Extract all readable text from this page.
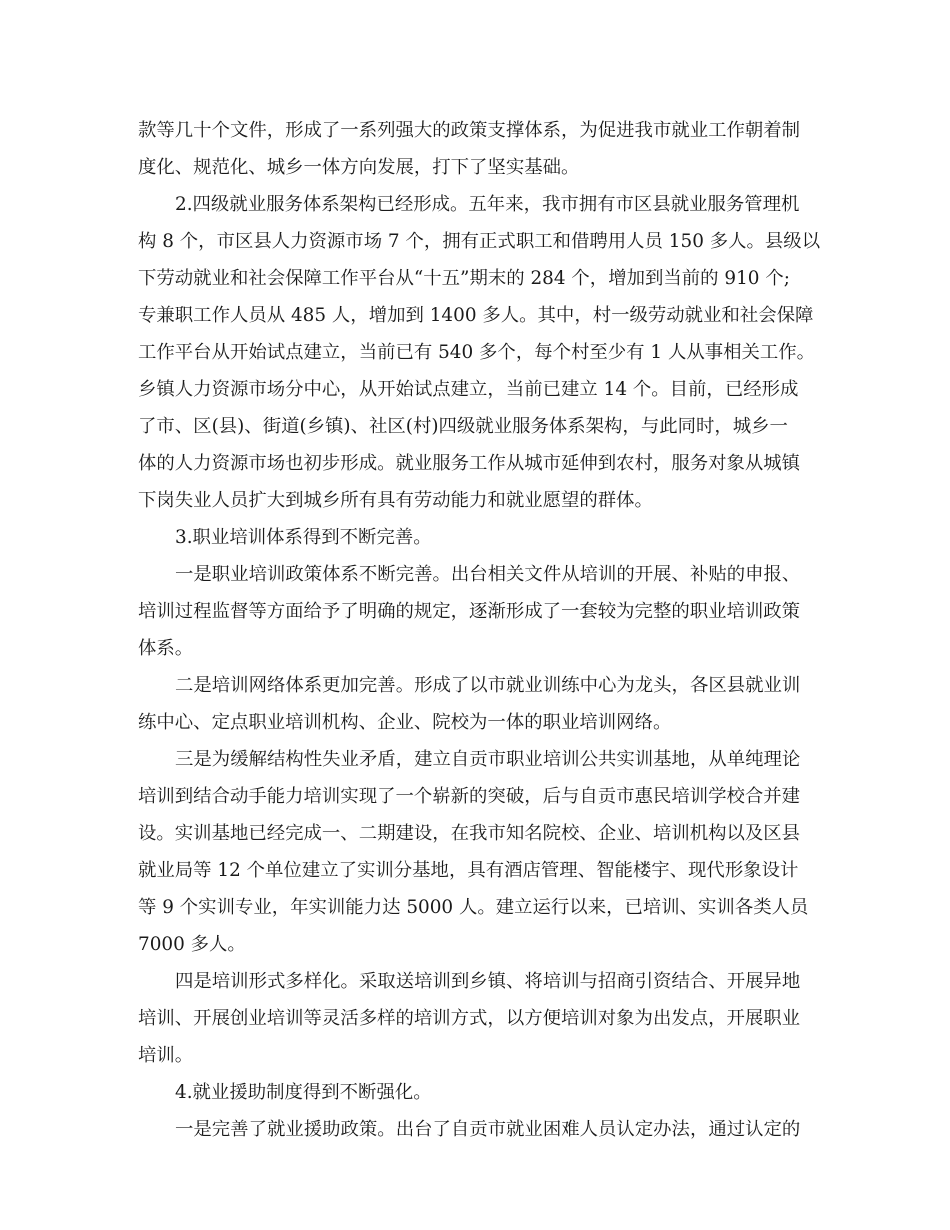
款等几十个文件，形成了一系列强大的政策支撑体系，为促进我市就业工作朝着制
度化、规范化、城乡一体方向发展，打下了坚实基础。
2.四级就业服务体系架构已经形成。五年来，我市拥有市区县就业服务管理机
构 8 个，市区县人力资源市场 7 个，拥有正式职工和借聘用人员 150 多人。县级以
下劳动就业和社会保障工作平台从“十五”期末的 284 个，增加到当前的 910 个;
专兼职工作人员从 485 人，增加到 1400 多人。其中，村一级劳动就业和社会保障
工作平台从开始试点建立，当前已有 540 多个，每个村至少有 1 人从事相关工作。
乡镇人力资源市场分中心，从开始试点建立，当前已建立 14 个。目前，已经形成
了市、区(县)、街道(乡镇)、社区(村)四级就业服务体系架构，与此同时，城乡一
体的人力资源市场也初步形成。就业服务工作从城市延伸到农村，服务对象从城镇
下岗失业人员扩大到城乡所有具有劳动能力和就业愿望的群体。
3.职业培训体系得到不断完善。
一是职业培训政策体系不断完善。出台相关文件从培训的开展、补贴的申报、
培训过程监督等方面给予了明确的规定，逐渐形成了一套较为完整的职业培训政策
体系。
二是培训网络体系更加完善。形成了以市就业训练中心为龙头，各区县就业训
练中心、定点职业培训机构、企业、院校为一体的职业培训网络。
三是为缓解结构性失业矛盾，建立自贡市职业培训公共实训基地，从单纯理论
培训到结合动手能力培训实现了一个崭新的突破，后与自贡市惠民培训学校合并建
设。实训基地已经完成一、二期建设，在我市知名院校、企业、培训机构以及区县
就业局等 12 个单位建立了实训分基地，具有酒店管理、智能楼宇、现代形象设计
等 9 个实训专业，年实训能力达 5000 人。建立运行以来，已培训、实训各类人员
7000 多人。
四是培训形式多样化。采取送培训到乡镇、将培训与招商引资结合、开展异地
培训、开展创业培训等灵活多样的培训方式，以方便培训对象为出发点，开展职业
培训。
4.就业援助制度得到不断强化。
一是完善了就业援助政策。出台了自贡市就业困难人员认定办法，通过认定的
